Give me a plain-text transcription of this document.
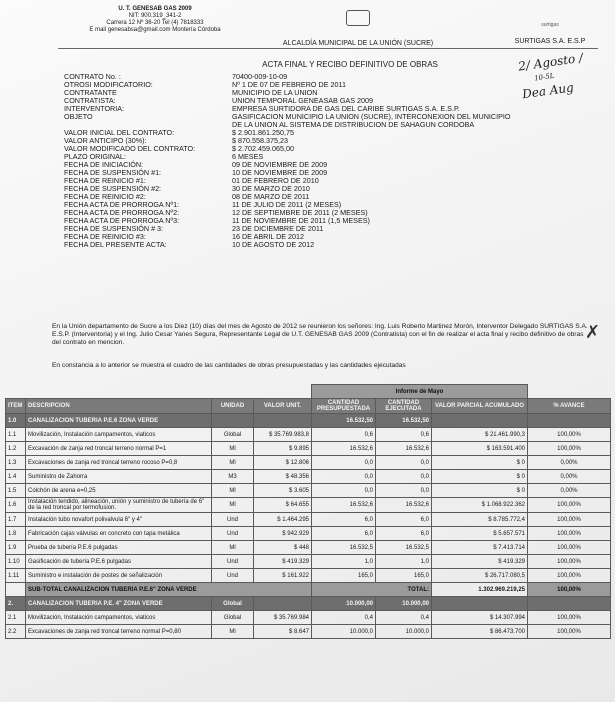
U. T. GENESAB GAS 2009
NIT: 900.319_341-2
Carrera 12 Nº 36-20 Tel (4) 7818333
E mail genesabsa@gmail.com Montería Córdoba
ALCALDÍA MUNICIPAL DE LA UNIÓN (SUCRE)
surtigas
SURTIGAS S.A. E.S.P
ACTA FINAL Y RECIBO DEFINITIVO DE OBRAS	2/ Agosto /
10-5L
Dea Aug
CONTRATO No. :	70400-009-10-09
OTROSI MODIFICATORIO:	Nº 1 DE 07 DE FEBRERO DE 2011
CONTRATANTE	MUNICIPIO DE LA UNION
CONTRATISTA:	UNION TEMPORAL GENEASAB GAS 2009
INTERVENTORIA:	EMPRESA SURTIDORA DE GAS DEL CARIBE SURTIGAS S.A. E.S.P.
OBJETO	GASIFICACION MUNICIPIO LA UNION (SUCRE), INTERCONEXION DEL MUNICIPIO
DE LA UNION AL SISTEMA DE DISTRIBUCION DE SAHAGUN CORDOBA
VALOR INICIAL DEL CONTRATO:	$ 2.901.861.250,75
VALOR ANTICIPO (30%):	$ 870.558.375,23
VALOR MODIFICADO DEL CONTRATO:	$ 2.702.459.065,00
PLAZO ORIGINAL:	6 MESES
FECHA DE INICIACIÓN:	09 DE NOVIEMBRE DE 2009
FECHA DE SUSPENSIÓN #1:	10 DE NOVIEMBRE DE 2009
FECHA DE REINICIO #1:	01 DE FEBRERO DE 2010
FECHA DE SUSPENSIÓN #2:	30 DE MARZO DE 2010
FECHA DE REINICIO #2:	08 DE MARZO DE 2011
FECHA ACTA DE PRORROGA Nº1:	11 DE JULIO DE 2011 (2 MESES)
FECHA ACTA DE PRORROGA Nº2:	12 DE SEPTIEMBRE DE 2011 (2 MESES)
FECHA ACTA DE PRORROGA Nº3:	11 DE NOVIEMBRE DE 2011 (1,5 MESES)
FECHA DE SUSPENSIÓN # 3:	23 DE DICIEMBRE DE 2011
FECHA DE REINICIO #3:	16 DE ABRIL DE 2012
FECHA DEL PRESENTE ACTA:	10 DE AGOSTO DE 2012
En la Unión departamento de Sucre a los Diez (10) días del mes de Agosto de 2012 se reunieron los señores: Ing. Luis Roberto Martinez Morón, Interventor Delegado SURTIGAS S.A. E.S.P. (Interventoria) y el Ing. Julio Cesar Yanes Segura, Representante Legal de U.T. GENESAB GAS 2009 (Contratista) con el fin de realizar el acta final y recibo definitivo de obras del contrato en mencion.
✗
En constancia a lo anterior se muestra el cuadro de las cantidades de obras presupuestadas y las cantidades ejecutadas
				Informe de Mayo			
ITEM	DESCRIPCION	UNIDAD	VALOR UNIT.	CANTIDAD PRESUPUESTADA	CANTIDAD EJECUTADA	VALOR PARCIAL ACUMULADO	% AVANCE
1.0	CANALIZACION TUBERIA P.E.6 ZONA VERDE			16.532,50	16.532,50		
1.1	Movilización, Instalación campamentos, viaticos	Global	$ 35.769.983,8	0,6	0,6	$ 21.461.990,3	100,00%
1.2	Excavación de zanja red troncal terreno normal P=1	Ml	$ 9.895	16.532,6	16.532,6	$ 163.591.400	100,00%
1.3	Excavaciones de zanja red troncal terreno rocoso P=0,8	Ml	$ 12.806	0,0	0,0	$ 0	0,00%
1.4	Suministro de Zahorra	M3	$ 48.356	0,0	0,0	$ 0	0,00%
1.5	Colchón de arena e=0,25	Ml	$ 3.605	0,0	0,0	$ 0	0,00%
1.6	Instalación tendido, alineación, unión y suministro de tubería de 6" de la red troncal por termofusion.	Ml	$ 64.655	16.532,6	16.532,6	$ 1.068.922.362	100,00%
1.7	Instalación tubo novafort polivalvula 6" y 4"	Und	$ 1.464.295	6,0	6,0	$ 8.785.772,4	100,00%
1.8	Fabricación cajas válvulas en concreto con tapa metálica	Und	$ 942.929	6,0	6,0	$ 5.657.571	100,00%
1.9	Prueba de tubería P.E.6 pulgadas	Ml	$ 448	16.532,5	16.532,5	$ 7.413.714	100,00%
1.10	Gasificación de tubería P.E.6 pulgadas	Und	$ 419.329	1,0	1,0	$ 419.329	100,00%
1.11	Suministro e instalación de postes de señalización	Und	$ 161.922	165,0	165,0	$ 26.717.080,5	100,00%
	SUB-TOTAL CANALIZACION TUBERIA P.E.6" ZONA VERDE			TOTAL:		1.302.969.219,25	100,00%
2.	CANALIZACION TUBERIA P.E. 4" ZONA VERDE	Global		10.000,00	10.000,00		
2.1	Movilización, Instalación campamentos, viaticos	Global	$ 35.769.984	0,4	0,4	$ 14.307.994	100,00%
2.2	Excavaciones de zanja red troncal terreno normal P=0,80	Ml	$ 8.647	10.000,0	10.000,0	$ 86.473.700	100,00%
